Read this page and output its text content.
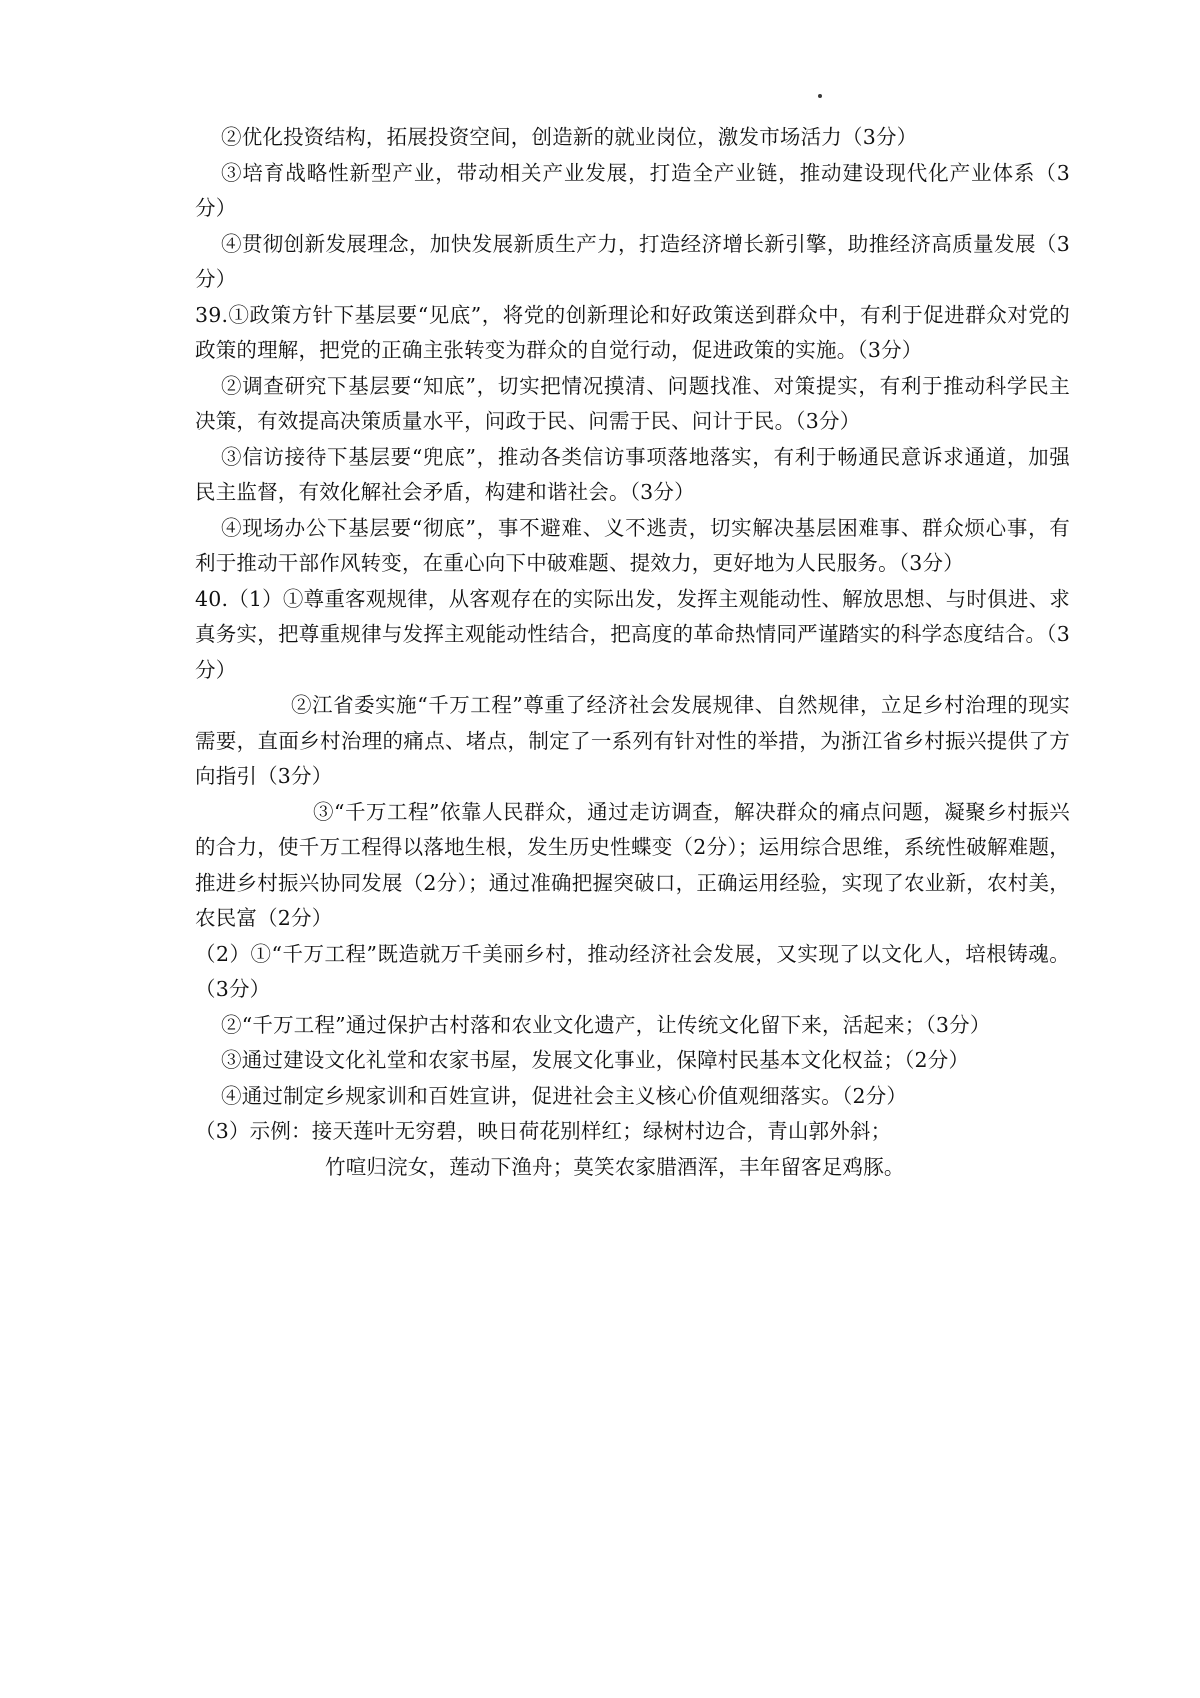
②优化投资结构，拓展投资空间，创造新的就业岗位，激发市场活力（3分）

③培育战略性新型产业，带动相关产业发展，打造全产业链，推动建设现代化产业体系（3分）

④贯彻创新发展理念，加快发展新质生产力，打造经济增长新引擎，助推经济高质量发展（3分）

39.①政策方针下基层要“见底”，将党的创新理论和好政策送到群众中，有利于促进群众对党的政策的理解，把党的正确主张转变为群众的自觉行动，促进政策的实施。（3分）

②调查研究下基层要“知底”，切实把情况摸清、问题找准、对策提实，有利于推动科学民主决策，有效提高决策质量水平，问政于民、问需于民、问计于民。（3分）

③信访接待下基层要“兜底”，推动各类信访事项落地落实，有利于畅通民意诉求通道，加强民主监督，有效化解社会矛盾，构建和谐社会。（3分）

④现场办公下基层要“彻底”，事不避难、义不逃责，切实解决基层困难事、群众烦心事，有利于推动干部作风转变，在重心向下中破难题、提效力，更好地为人民服务。（3分）

40.（1）①尊重客观规律，从客观存在的实际出发，发挥主观能动性、解放思想、与时俱进、求真务实，把尊重规律与发挥主观能动性结合，把高度的革命热情同严谨踏实的科学态度结合。（3分）

②江省委实施“千万工程”尊重了经济社会发展规律、自然规律，立足乡村治理的现实需要，直面乡村治理的痛点、堵点，制定了一系列有针对性的举措，为浙江省乡村振兴提供了方向指引（3分）

③“千万工程”依靠人民群众，通过走访调查，解决群众的痛点问题，凝聚乡村振兴的合力，使千万工程得以落地生根，发生历史性蝶变（2分）；运用综合思维，系统性破解难题，推进乡村振兴协同发展（2分）；通过准确把握突破口，正确运用经验，实现了农业新，农村美，农民富（2分）

（2）①“千万工程”既造就万千美丽乡村，推动经济社会发展，又实现了以文化人，培根铸魂。（3分）

②“千万工程”通过保护古村落和农业文化遗产，让传统文化留下来，活起来；（3分）

③通过建设文化礼堂和农家书屋，发展文化事业，保障村民基本文化权益；（2分）

④通过制定乡规家训和百姓宣讲，促进社会主义核心价值观细落实。（2分）

（3）示例：接天莲叶无穷碧，映日荷花别样红；绿树村边合，青山郭外斜；

竹喧归浣女，莲动下渔舟；莫笑农家腊酒浑，丰年留客足鸡豚。
